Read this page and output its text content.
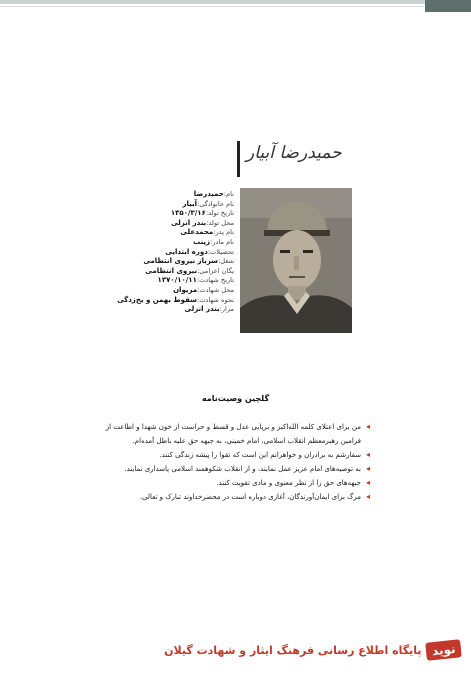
حمیدرضا آبیار
نام:حمیدرضا
نام خانوادگی:آبیار
تاریخ تولد:۱۳۵۰/۳/۱۶
محل تولد:بندر انزلی
نام پدر:محمدعلی
نام مادر:زینب
تحصیلات:دوره ابتدایی
شغل:سرباز نیروی انتظامی
یگان اعزامی:نیروی انتظامی
تاریخ شهادت:۱۳۷۰/۱۰/۱۱
محل شهادت:مریوان
نحوه شهادت:سقوط بهمن و یخ‌زدگی
مزار:بندر انزلی
گلچین وصیت‌نامه
◂
من برای اعتلای کلمه الله‌اکبر و برپایی عدل و قسط و حراست از خون شهدا و اطاعت از فرامین رهبرمعظم انقلاب اسلامی، امام خمینی، به جبهه حق علیه باطل آمده‌ام.
◂
سفارشم به برادران و خواهرانم این است که تقوا را پیشه زندگی کنند.
◂
به توصیه‌های امام عزیز عمل نمایند، و از انقلاب شکوهمند اسلامی پاسداری نمایند.
◂
جبهه‌های حق را از نظر معنوی و مادی تقویت کنند.
◂
مرگ برای ایمان‌آورندگان، آغازی دوباره است در محضرخداوند تبارک و تعالی.
نوید
پایگاه اطلاع رسانی فرهنگ ایثار و شهادت گیلان
